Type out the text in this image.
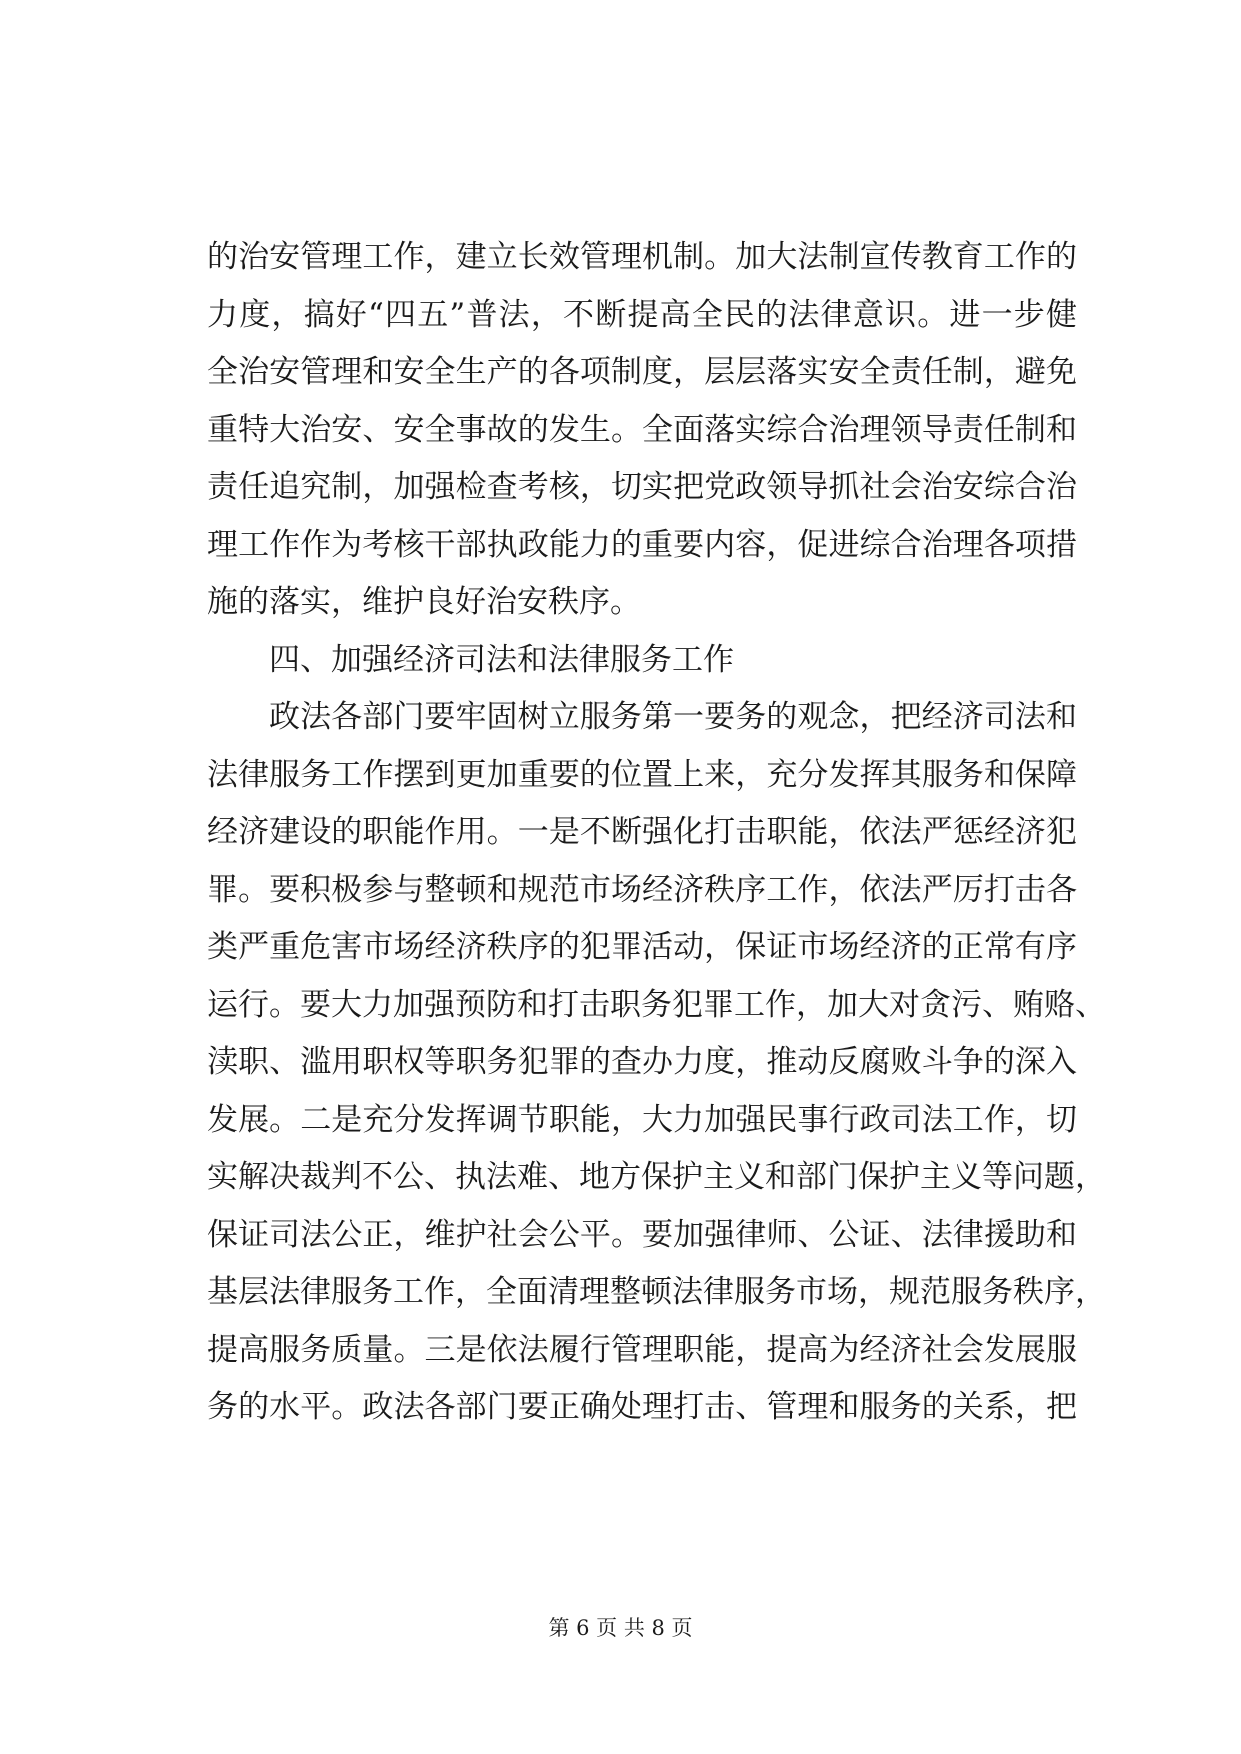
的治安管理工作，建立长效管理机制。加大法制宣传教育工作的
力度，搞好“四五”普法，不断提高全民的法律意识。进一步健
全治安管理和安全生产的各项制度，层层落实安全责任制，避免
重特大治安、安全事故的发生。全面落实综合治理领导责任制和
责任追究制，加强检查考核，切实把党政领导抓社会治安综合治
理工作作为考核干部执政能力的重要内容，促进综合治理各项措
施的落实，维护良好治安秩序。
四、加强经济司法和法律服务工作
政法各部门要牢固树立服务第一要务的观念，把经济司法和
法律服务工作摆到更加重要的位置上来，充分发挥其服务和保障
经济建设的职能作用。一是不断强化打击职能，依法严惩经济犯
罪。要积极参与整顿和规范市场经济秩序工作，依法严厉打击各
类严重危害市场经济秩序的犯罪活动，保证市场经济的正常有序
运行。要大力加强预防和打击职务犯罪工作，加大对贪污、贿赂、
渎职、滥用职权等职务犯罪的查办力度，推动反腐败斗争的深入
发展。二是充分发挥调节职能，大力加强民事行政司法工作，切
实解决裁判不公、执法难、地方保护主义和部门保护主义等问题，
保证司法公正，维护社会公平。要加强律师、公证、法律援助和
基层法律服务工作，全面清理整顿法律服务市场，规范服务秩序，
提高服务质量。三是依法履行管理职能，提高为经济社会发展服
务的水平。政法各部门要正确处理打击、管理和服务的关系，把
第 6 页 共 8 页
